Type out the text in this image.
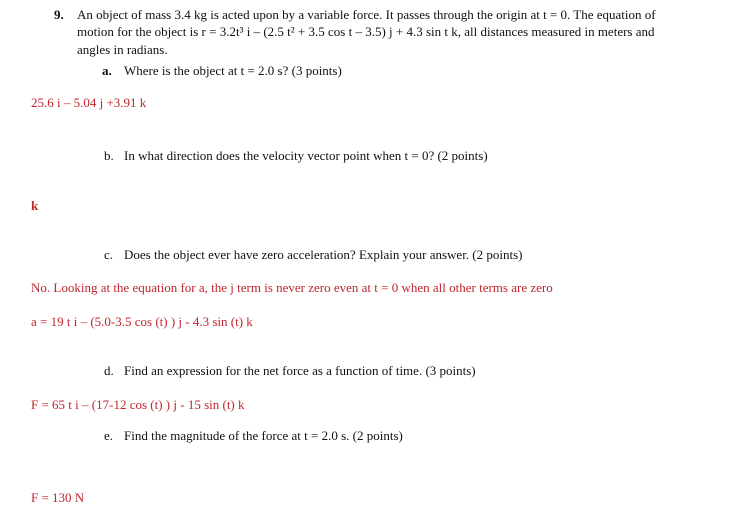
9. An object of mass 3.4 kg is acted upon by a variable force. It passes through the origin at t = 0. The equation of
motion for the object is r = 3.2t³ i – (2.5 t² + 3.5 cos t – 3.5) j + 4.3 sin t k, all distances measured in meters and
angles in radians.
a. Where is the object at t = 2.0 s? (3 points)
25.6 i – 5.04 j +3.91 k
b. In what direction does the velocity vector point when t = 0? (2 points)
k
c. Does the object ever have zero acceleration? Explain your answer. (2 points)
No. Looking at the equation for a, the j term is never zero even at t = 0 when all other terms are zero
a = 19 t i – (5.0-3.5 cos (t) ) j - 4.3 sin (t) k
d. Find an expression for the net force as a function of time. (3 points)
F = 65 t i – (17-12 cos (t) ) j - 15 sin (t) k
e. Find the magnitude of the force at t = 2.0 s. (2 points)
F = 130 N
